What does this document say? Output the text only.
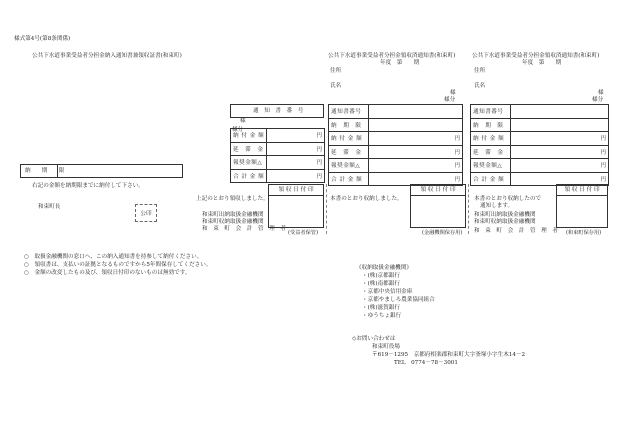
様式第4号(第8条関係)
公共下水道事業受益者分担金納入通知書兼領収証書(和束町)
様
様分
通　知　書　番　号
納 付 金 額	円
延　滞　金	円
報奨金額△	円
合 計 金 額	円
納　　期　　限
右記の金額を納期限までに納付して下さい。
和束町長
公印
上記のとおり領収しました。
和束町出納取扱金融機関
和束町収納取扱金融機関
和　束　町　会　計　管　理　者
領 収 日 付 印
(受益者保管)
公共下水道事業受益者分担金領収済通知書(和束町)
年度　第　　期
住所
氏名
様
様分
通知書番号	
納　期　限	
納 付 金 額	円
延　滞　金	円
報奨金額△	円
合 計 金 額	円
本書のとおり収納しました。
領 収 日 付 印
(金融機関保存用)
公共下水道事業受益者分担金領収済通知書(和束町)
年度　第　　期
住所
氏名
様
様分
通知書番号	
納　期　限	
納 付 金 額	円
延　滞　金	円
報奨金額△	円
合 計 金 額	円
本書のとおり収納したので
通知します。
和束町出納取扱金融機関
和束町収納取扱金融機関
和　束　町　会　計　管　理　者
領 収 日 付 印
(和束町保存用)
○　取扱金融機関の窓口へ、この納入通知書を持参して納付ください。
○　領収書は、支払いの証拠となるものですから5年間保存してください。
○　金額の改変したもの及び、領収日付印のないものは無効です。
《収納取扱金融機関》
・(株)京都銀行
・(株)南都銀行
・京都中央信用金庫
・京都やましろ農業協同組合
・(株)滋賀銀行
・ゆうちょ銀行
◇お問い合わせは
和束町役場
〒619－1295　京都府相楽郡和束町大字釜塚小字生木14－2
TEL　0774－78－3001
